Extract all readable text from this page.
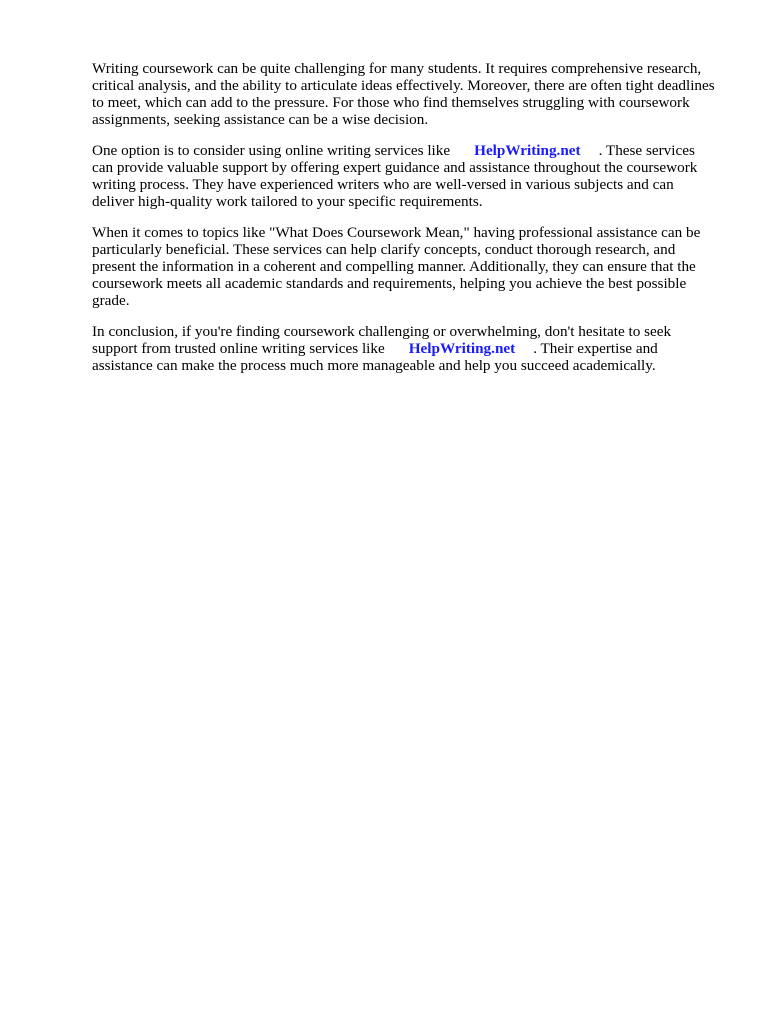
Writing coursework can be quite challenging for many students. It requires comprehensive research, critical analysis, and the ability to articulate ideas effectively. Moreover, there are often tight deadlines to meet, which can add to the pressure. For those who find themselves struggling with coursework assignments, seeking assistance can be a wise decision.

One option is to consider using online writing services like HelpWriting.net . These services can provide valuable support by offering expert guidance and assistance throughout the coursework writing process. They have experienced writers who are well-versed in various subjects and can deliver high-quality work tailored to your specific requirements.

When it comes to topics like "What Does Coursework Mean," having professional assistance can be particularly beneficial. These services can help clarify concepts, conduct thorough research, and present the information in a coherent and compelling manner. Additionally, they can ensure that the coursework meets all academic standards and requirements, helping you achieve the best possible grade.

In conclusion, if you're finding coursework challenging or overwhelming, don't hesitate to seek support from trusted online writing services like HelpWriting.net . Their expertise and assistance can make the process much more manageable and help you succeed academically.
